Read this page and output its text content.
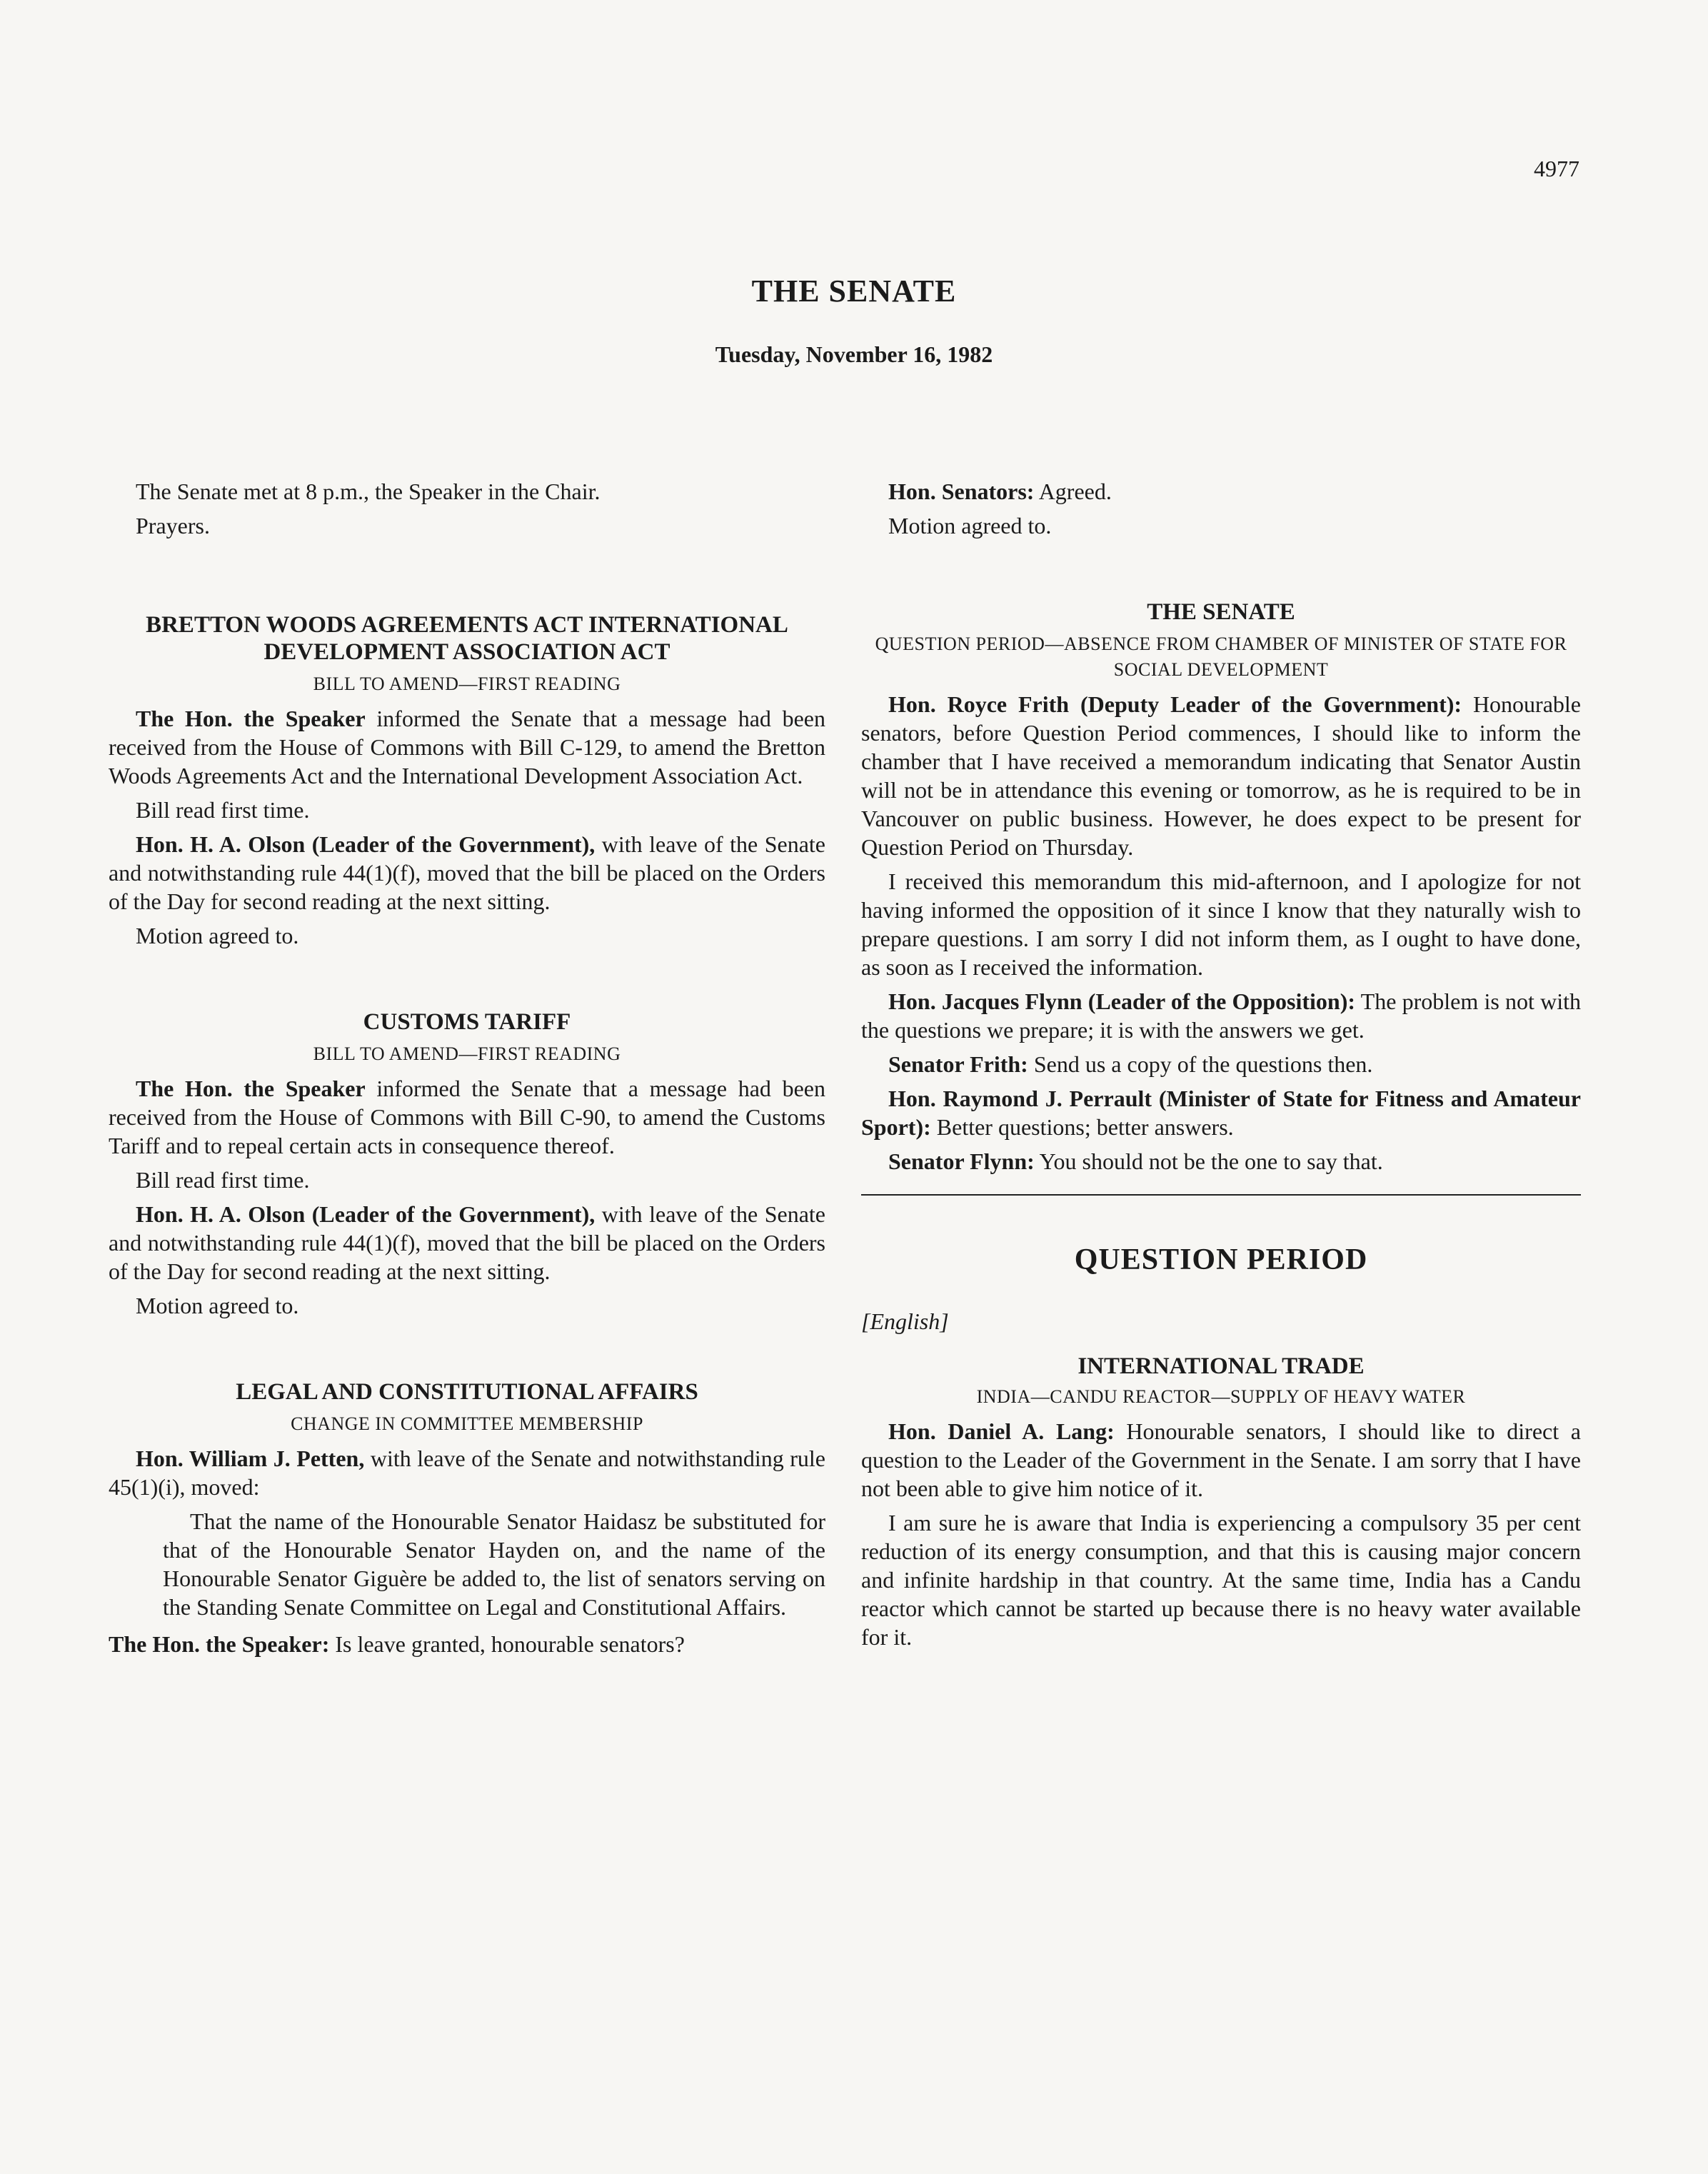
4977
THE SENATE
Tuesday, November 16, 1982

The Senate met at 8 p.m., the Speaker in the Chair.

Prayers.

BRETTON WOODS AGREEMENTS ACT INTERNATIONAL DEVELOPMENT ASSOCIATION ACT
BILL TO AMEND—FIRST READING

The Hon. the Speaker informed the Senate that a message had been received from the House of Commons with Bill C-129, to amend the Bretton Woods Agreements Act and the International Development Association Act.

Bill read first time.

Hon. H. A. Olson (Leader of the Government), with leave of the Senate and notwithstanding rule 44(1)(f), moved that the bill be placed on the Orders of the Day for second reading at the next sitting.

Motion agreed to.

CUSTOMS TARIFF
BILL TO AMEND—FIRST READING

The Hon. the Speaker informed the Senate that a message had been received from the House of Commons with Bill C-90, to amend the Customs Tariff and to repeal certain acts in consequence thereof.

Bill read first time.

Hon. H. A. Olson (Leader of the Government), with leave of the Senate and notwithstanding rule 44(1)(f), moved that the bill be placed on the Orders of the Day for second reading at the next sitting.

Motion agreed to.

LEGAL AND CONSTITUTIONAL AFFAIRS
CHANGE IN COMMITTEE MEMBERSHIP

Hon. William J. Petten, with leave of the Senate and notwithstanding rule 45(1)(i), moved:

That the name of the Honourable Senator Haidasz be substituted for that of the Honourable Senator Hayden on, and the name of the Honourable Senator Giguère be added to, the list of senators serving on the Standing Senate Committee on Legal and Constitutional Affairs.

The Hon. the Speaker: Is leave granted, honourable senators?

Hon. Senators: Agreed.

Motion agreed to.

THE SENATE
QUESTION PERIOD—ABSENCE FROM CHAMBER OF MINISTER OF STATE FOR SOCIAL DEVELOPMENT

Hon. Royce Frith (Deputy Leader of the Government): Honourable senators, before Question Period commences, I should like to inform the chamber that I have received a memorandum indicating that Senator Austin will not be in attendance this evening or tomorrow, as he is required to be in Vancouver on public business. However, he does expect to be present for Question Period on Thursday.

I received this memorandum this mid-afternoon, and I apologize for not having informed the opposition of it since I know that they naturally wish to prepare questions. I am sorry I did not inform them, as I ought to have done, as soon as I received the information.

Hon. Jacques Flynn (Leader of the Opposition): The problem is not with the questions we prepare; it is with the answers we get.

Senator Frith: Send us a copy of the questions then.

Hon. Raymond J. Perrault (Minister of State for Fitness and Amateur Sport): Better questions; better answers.

Senator Flynn: You should not be the one to say that.

QUESTION PERIOD

[English]

INTERNATIONAL TRADE
INDIA—CANDU REACTOR—SUPPLY OF HEAVY WATER

Hon. Daniel A. Lang: Honourable senators, I should like to direct a question to the Leader of the Government in the Senate. I am sorry that I have not been able to give him notice of it.

I am sure he is aware that India is experiencing a compulsory 35 per cent reduction of its energy consumption, and that this is causing major concern and infinite hardship in that country. At the same time, India has a Candu reactor which cannot be started up because there is no heavy water available for it.
